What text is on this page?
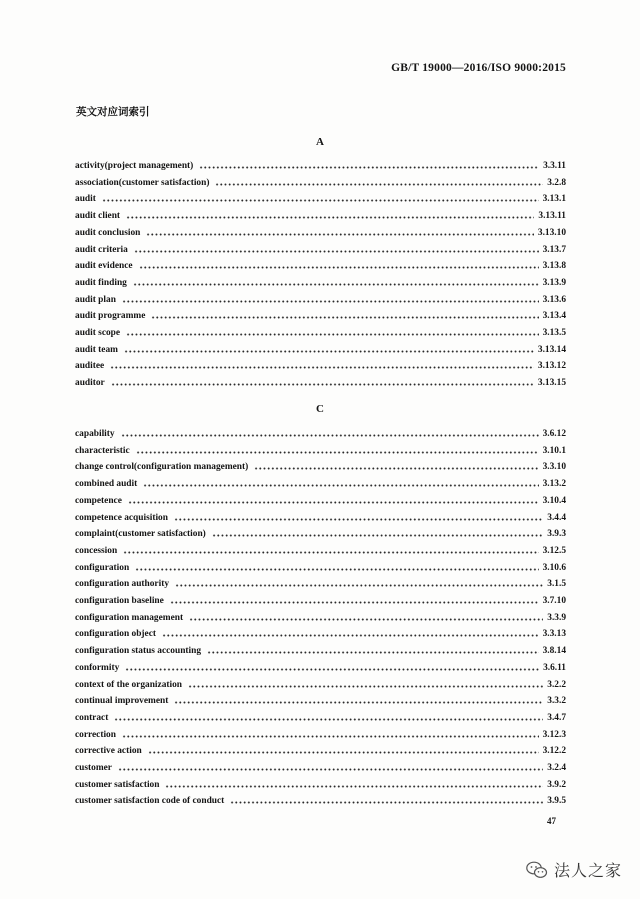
GB/T 19000—2016/ISO 9000:2015
英文对应词索引
A
activity(project management)	3.3.11
association(customer satisfaction)	3.2.8
audit	3.13.1
audit client	3.13.11
audit conclusion	3.13.10
audit criteria	3.13.7
audit evidence	3.13.8
audit finding	3.13.9
audit plan	3.13.6
audit programme	3.13.4
audit scope	3.13.5
audit team	3.13.14
auditee	3.13.12
auditor	3.13.15
C
capability	3.6.12
characteristic	3.10.1
change control(configuration management)	3.3.10
combined audit	3.13.2
competence	3.10.4
competence acquisition	3.4.4
complaint(customer satisfaction)	3.9.3
concession	3.12.5
configuration	3.10.6
configuration authority	3.1.5
configuration baseline	3.7.10
configuration management	3.3.9
configuration object	3.3.13
configuration status accounting	3.8.14
conformity	3.6.11
context of the organization	3.2.2
continual improvement	3.3.2
contract	3.4.7
correction	3.12.3
corrective action	3.12.2
customer	3.2.4
customer satisfaction	3.9.2
customer satisfaction code of conduct	3.9.5
47
法人之家
